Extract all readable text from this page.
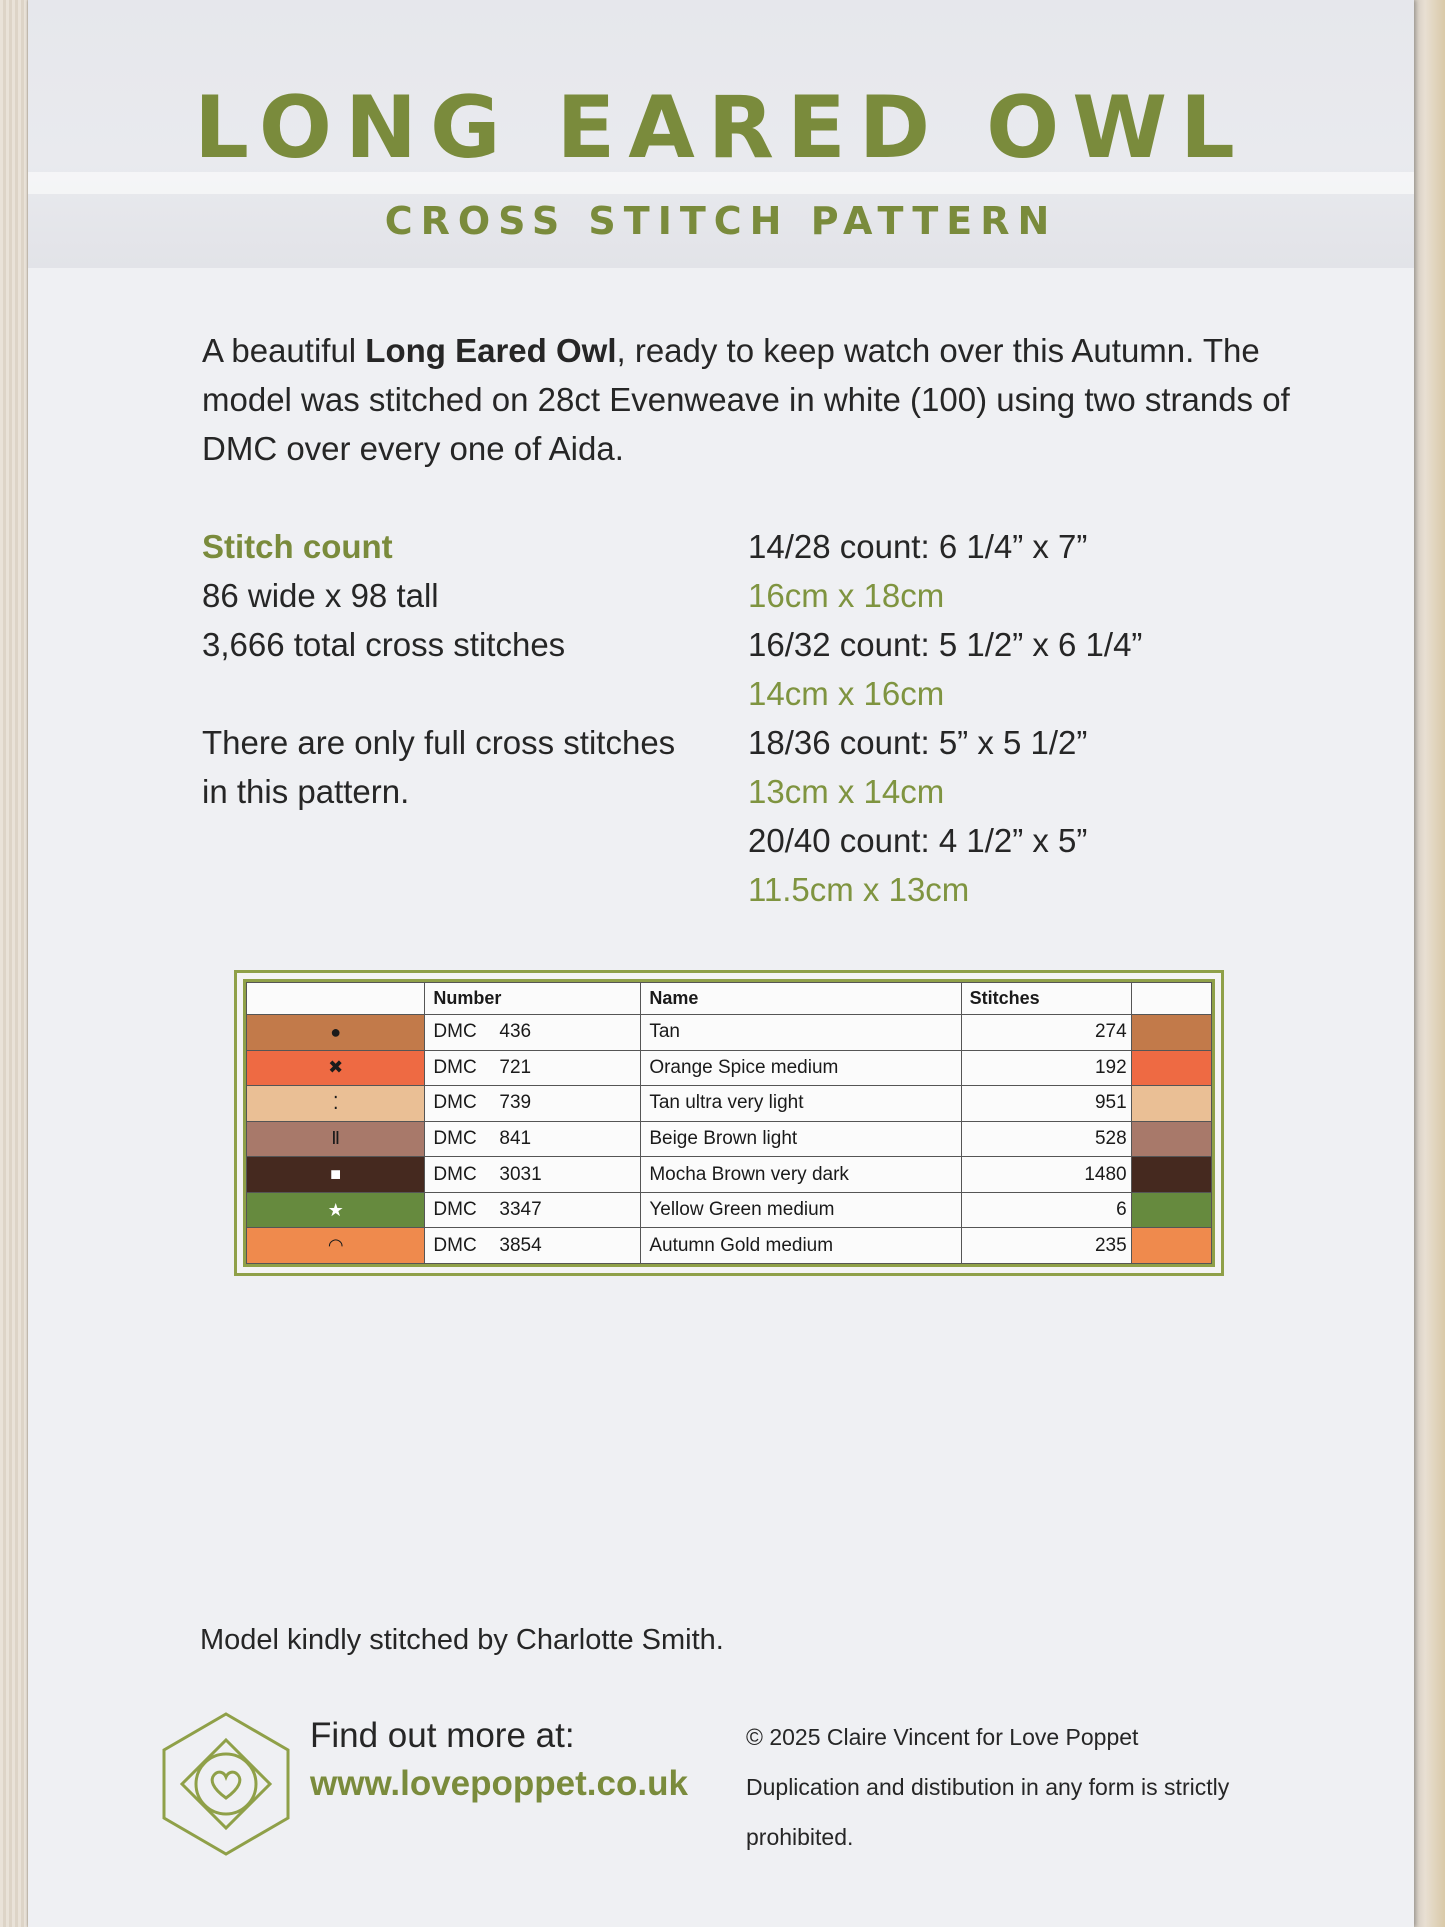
LONG EARED OWL
CROSS STITCH PATTERN

A beautiful Long Eared Owl, ready to keep watch over this Autumn. The model was stitched on 28ct Evenweave in white (100) using two strands of DMC over every one of Aida.

Stitch count
86 wide x 98 tall
3,666 total cross stitches
There are only full cross stitches
in this pattern.
14/28 count: 6 1/4” x 7”
16cm x 18cm
16/32 count: 5 1/2” x 6 1/4”
14cm x 16cm
18/36 count: 5” x 5 1/2”
13cm x 14cm
20/40 count: 4 1/2” x 5”
11.5cm x 13cm
	Number	Name	Stitches	
●	DMC 436	Tan	274	
✖	DMC 721	Orange Spice medium	192	
⁚	DMC 739	Tan ultra very light	951	
Ⅱ	DMC 841	Beige Brown light	528	
■	DMC 3031	Mocha Brown very dark	1480	
★	DMC 3347	Yellow Green medium	6	
◠	DMC 3854	Autumn Gold medium	235	
Model kindly stitched by Charlotte Smith.
Find out more at:
www.lovepoppet.co.uk
© 2025 Claire Vincent for Love Poppet
Duplication and distibution in any form is strictly
prohibited.
